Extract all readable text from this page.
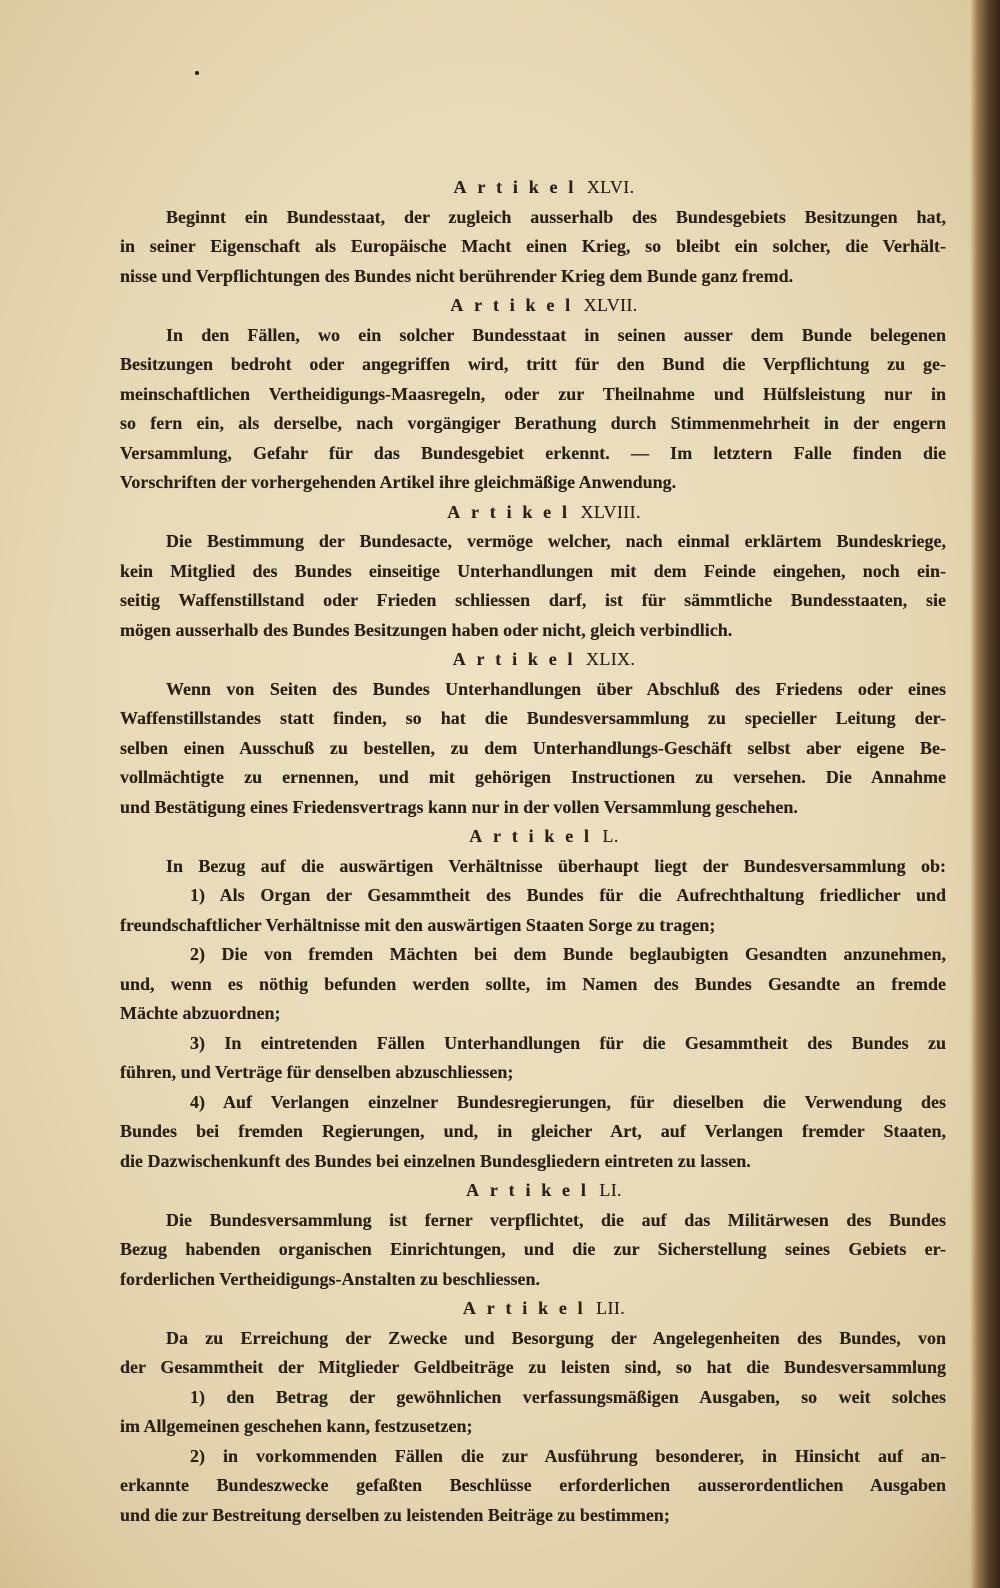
Artikel XLVI.
Beginnt ein Bundesstaat, der zugleich ausserhalb des Bundesgebiets Besitzungen hat,
in seiner Eigenschaft als Europäische Macht einen Krieg, so bleibt ein solcher, die Verhält-
nisse und Verpflichtungen des Bundes nicht berührender Krieg dem Bunde ganz fremd.
Artikel XLVII.
In den Fällen, wo ein solcher Bundesstaat in seinen ausser dem Bunde belegenen
Besitzungen bedroht oder angegriffen wird, tritt für den Bund die Verpflichtung zu ge-
meinschaftlichen Vertheidigungs-Maasregeln, oder zur Theilnahme und Hülfsleistung nur in
so fern ein, als derselbe, nach vorgängiger Berathung durch Stimmenmehrheit in der engern
Versammlung, Gefahr für das Bundesgebiet erkennt. — Im letztern Falle finden die
Vorschriften der vorhergehenden Artikel ihre gleichmäßige Anwendung.
Artikel XLVIII.
Die Bestimmung der Bundesacte, vermöge welcher, nach einmal erklärtem Bundeskriege,
kein Mitglied des Bundes einseitige Unterhandlungen mit dem Feinde eingehen, noch ein-
seitig Waffenstillstand oder Frieden schliessen darf, ist für sämmtliche Bundesstaaten, sie
mögen ausserhalb des Bundes Besitzungen haben oder nicht, gleich verbindlich.
Artikel XLIX.
Wenn von Seiten des Bundes Unterhandlungen über Abschluß des Friedens oder eines
Waffenstillstandes statt finden, so hat die Bundesversammlung zu specieller Leitung der-
selben einen Ausschuß zu bestellen, zu dem Unterhandlungs-Geschäft selbst aber eigene Be-
vollmächtigte zu ernennen, und mit gehörigen Instructionen zu versehen. Die Annahme
und Bestätigung eines Friedensvertrags kann nur in der vollen Versammlung geschehen.
Artikel L.
In Bezug auf die auswärtigen Verhältnisse überhaupt liegt der Bundesversammlung ob:
1) Als Organ der Gesammtheit des Bundes für die Aufrechthaltung friedlicher und
freundschaftlicher Verhältnisse mit den auswärtigen Staaten Sorge zu tragen;
2) Die von fremden Mächten bei dem Bunde beglaubigten Gesandten anzunehmen,
und, wenn es nöthig befunden werden sollte, im Namen des Bundes Gesandte an fremde
Mächte abzuordnen;
3) In eintretenden Fällen Unterhandlungen für die Gesammtheit des Bundes zu
führen, und Verträge für denselben abzuschliessen;
4) Auf Verlangen einzelner Bundesregierungen, für dieselben die Verwendung des
Bundes bei fremden Regierungen, und, in gleicher Art, auf Verlangen fremder Staaten,
die Dazwischenkunft des Bundes bei einzelnen Bundesgliedern eintreten zu lassen.
Artikel LI.
Die Bundesversammlung ist ferner verpflichtet, die auf das Militärwesen des Bundes
Bezug habenden organischen Einrichtungen, und die zur Sicherstellung seines Gebiets er-
forderlichen Vertheidigungs-Anstalten zu beschliessen.
Artikel LII.
Da zu Erreichung der Zwecke und Besorgung der Angelegenheiten des Bundes, von
der Gesammtheit der Mitglieder Geldbeiträge zu leisten sind, so hat die Bundesversammlung
1) den Betrag der gewöhnlichen verfassungsmäßigen Ausgaben, so weit solches
im Allgemeinen geschehen kann, festzusetzen;
2) in vorkommenden Fällen die zur Ausführung besonderer, in Hinsicht auf an-
erkannte Bundeszwecke gefaßten Beschlüsse erforderlichen ausserordentlichen Ausgaben
und die zur Bestreitung derselben zu leistenden Beiträge zu bestimmen;
